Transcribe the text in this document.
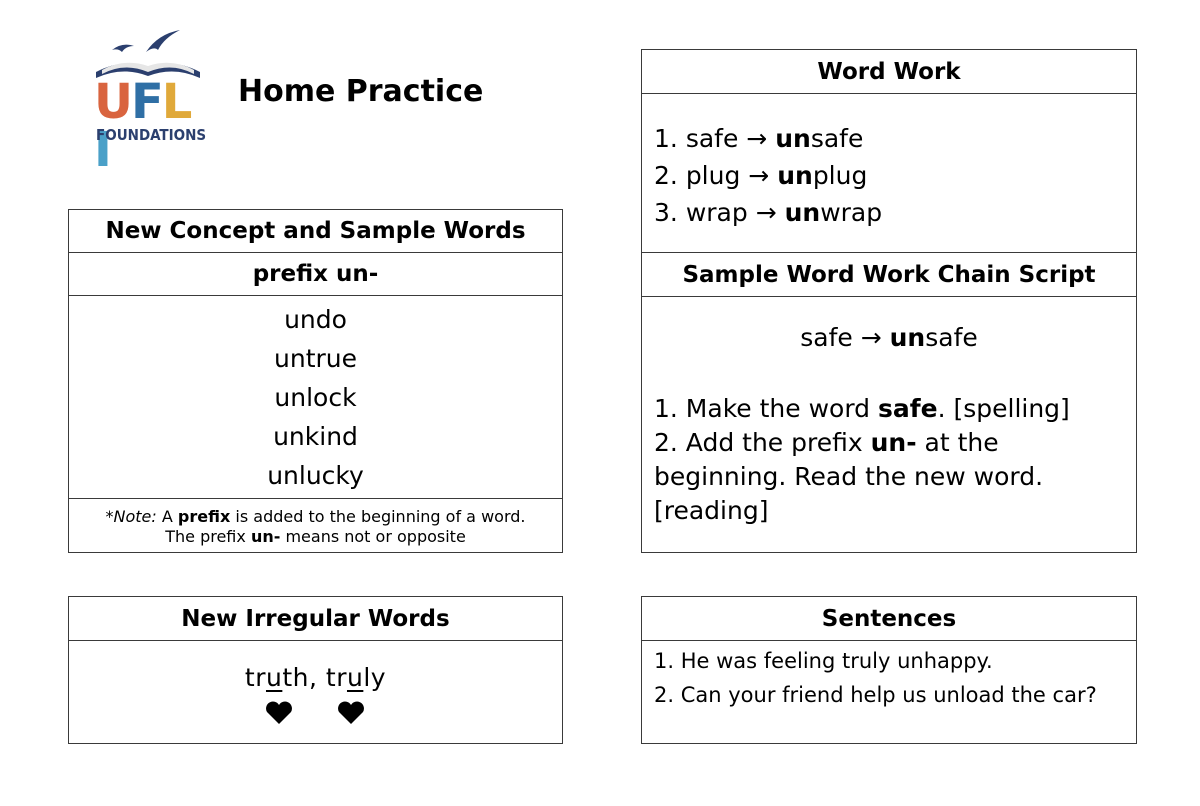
UFLI
FOUNDATIONS
Home Practice
New Concept and Sample Words
prefix un-
undo
untrue
unlock
unkind
unlucky
*Note: A prefix is added to the beginning of a word.
The prefix un- means not or opposite
New Irregular Words
truth, truly
Word Work
1. safe → unsafe
2. plug → unplug
3. wrap → unwrap
Sample Word Work Chain Script
safe → unsafe
1. Make the word safe. [spelling]
2. Add the prefix un- at the beginning. Read the new word. [reading]
Sentences
1. He was feeling truly unhappy.
2. Can your friend help us unload the car?
